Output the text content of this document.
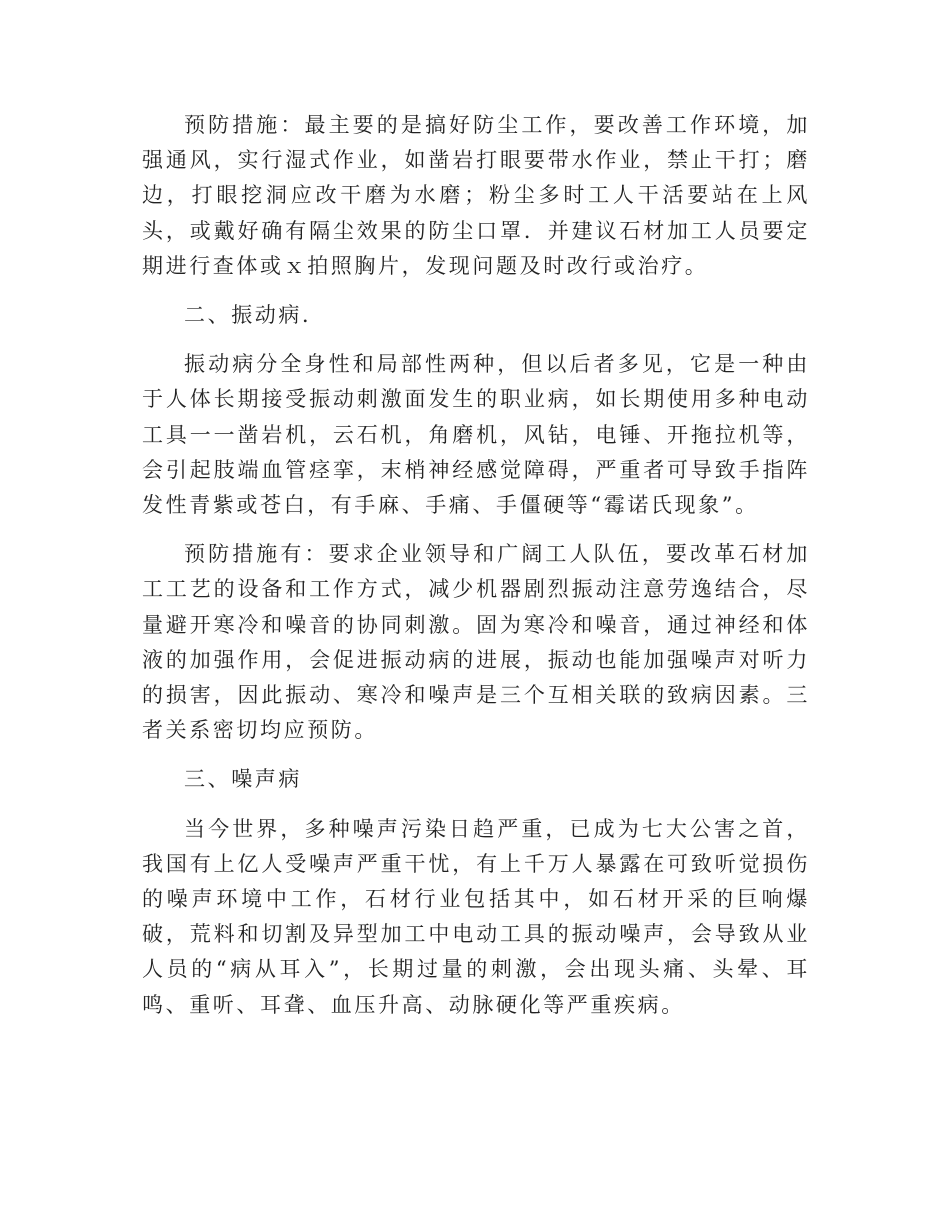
预防措施：最主要的是搞好防尘工作，要改善工作环境，加强通风，实行湿式作业，如凿岩打眼要带水作业，禁止干打；磨边，打眼挖洞应改干磨为水磨；粉尘多时工人干活要站在上风头，或戴好确有隔尘效果的防尘口罩．并建议石材加工人员要定期进行查体或ｘ拍照胸片，发现问题及时改行或治疗。

二、振动病．

振动病分全身性和局部性两种，但以后者多见，它是一种由于人体长期接受振动刺激面发生的职业病，如长期使用多种电动工具一一凿岩机，云石机，角磨机，风钻，电锤、开拖拉机等，会引起肢端血管痉挛，末梢神经感觉障碍，严重者可导致手指阵发性青紫或苍白，有手麻、手痛、手僵硬等“霉诺氏现象”。

预防措施有：要求企业领导和广阔工人队伍，要改革石材加工工艺的设备和工作方式，减少机器剧烈振动注意劳逸结合，尽量避开寒冷和噪音的协同刺激。固为寒冷和噪音，通过神经和体液的加强作用，会促进振动病的进展，振动也能加强噪声对听力的损害，因此振动、寒冷和噪声是三个互相关联的致病因素。三者关系密切均应预防。

三、噪声病

当今世界，多种噪声污染日趋严重，已成为七大公害之首，我国有上亿人受噪声严重干忧，有上千万人暴露在可致听觉损伤的噪声环境中工作，石材行业包括其中，如石材开采的巨响爆破，荒料和切割及异型加工中电动工具的振动噪声，会导致从业人员的“病从耳入”，长期过量的刺激，会出现头痛、头晕、耳鸣、重听、耳聋、血压升高、动脉硬化等严重疾病。
